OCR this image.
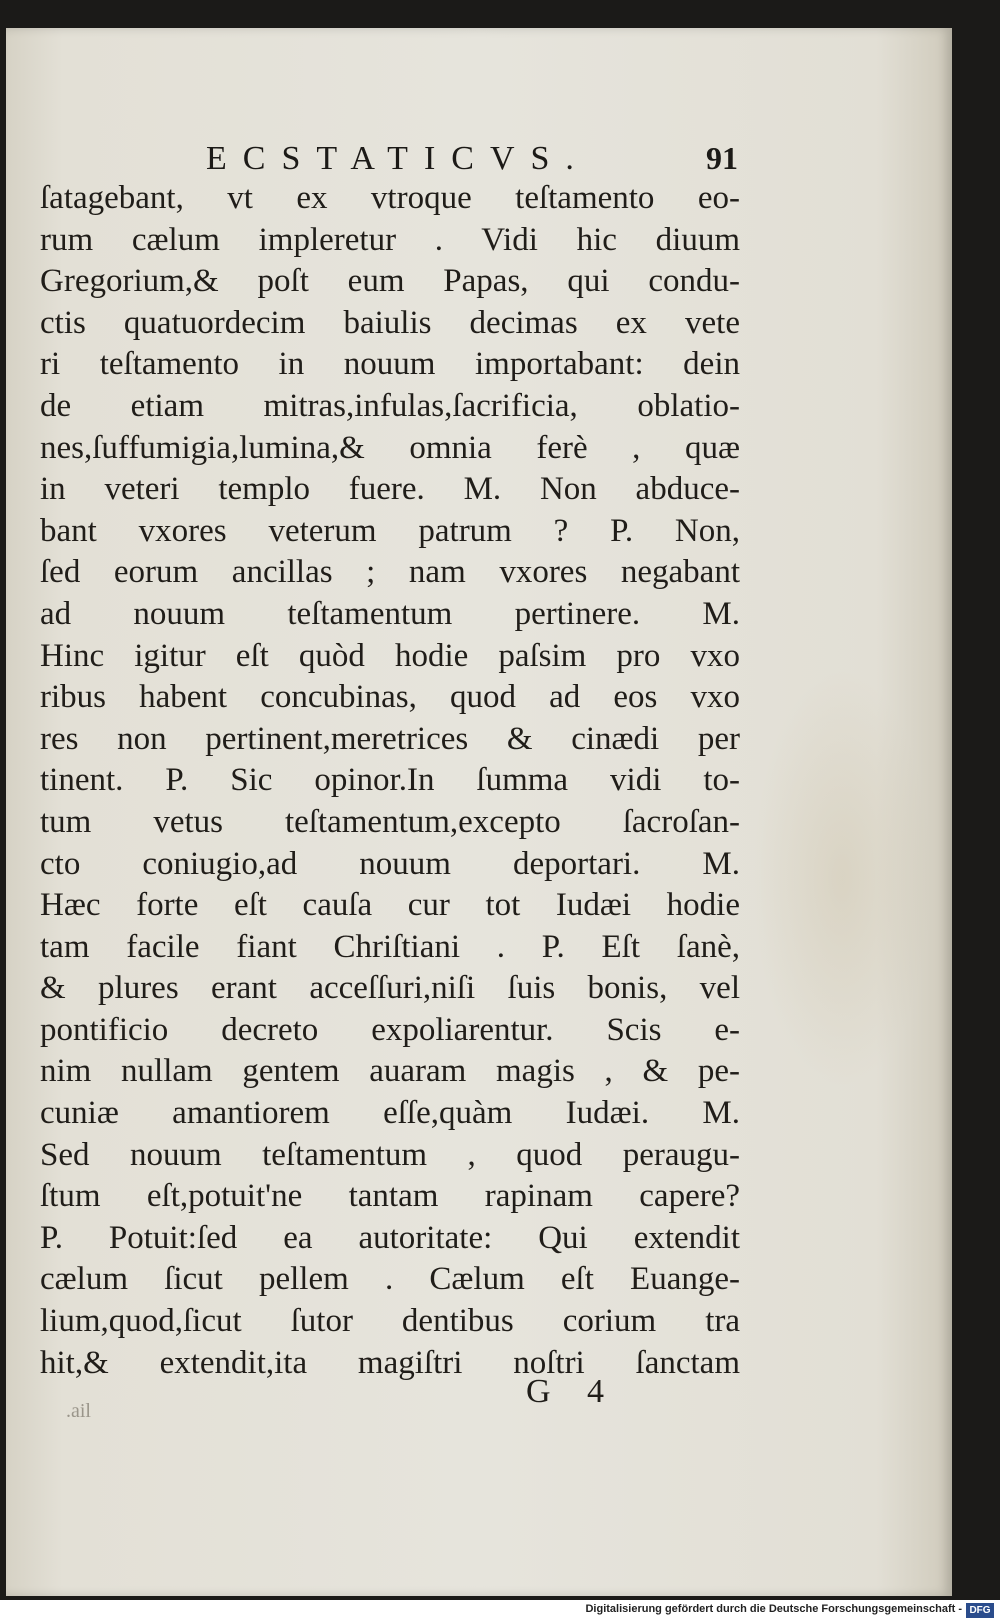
ECSTATICVS.	91
ſatagebant, vt ex vtroque teſtamento eo-
rum cælum impleretur . Vidi hic diuum
Gregorium,& poſt eum Papas, qui condu-
ctis quatuordecim baiulis decimas ex vete
ri teſtamento in nouum importabant: dein
de etiam mitras,infulas,ſacrificia, oblatio-
nes,ſuffumigia,lumina,& omnia ferè , quæ
in veteri templo fuere. M. Non abduce-
bant vxores veterum patrum ? P. Non,
ſed eorum ancillas ; nam vxores negabant
ad nouum teſtamentum pertinere. M.
Hinc igitur eſt quòd hodie paſsim pro vxo
ribus habent concubinas, quod ad eos vxo
res non pertinent,meretrices & cinædi per
tinent. P. Sic opinor.In ſumma vidi to-
tum vetus teſtamentum,excepto ſacroſan-
cto coniugio,ad nouum deportari. M.
Hæc forte eſt cauſa cur tot Iudæi hodie
tam facile fiant Chriſtiani . P. Eſt ſanè,
& plures erant acceſſuri,niſi ſuis bonis, vel
pontificio decreto expoliarentur. Scis e-
nim nullam gentem auaram magis , & pe-
cuniæ amantiorem eſſe,quàm Iudæi. M.
Sed nouum teſtamentum , quod peraugu-
ſtum eſt,potuit'ne tantam rapinam capere?
P. Potuit:ſed ea autoritate: Qui extendit
cælum ſicut pellem . Cælum eſt Euange-
lium,quod,ſicut ſutor dentibus corium tra
hit,& extendit,ita magiſtri noſtri ſanctam
.ail
G 4
Digitalisierung gefördert durch die Deutsche Forschungsgemeinschaft - DFG
